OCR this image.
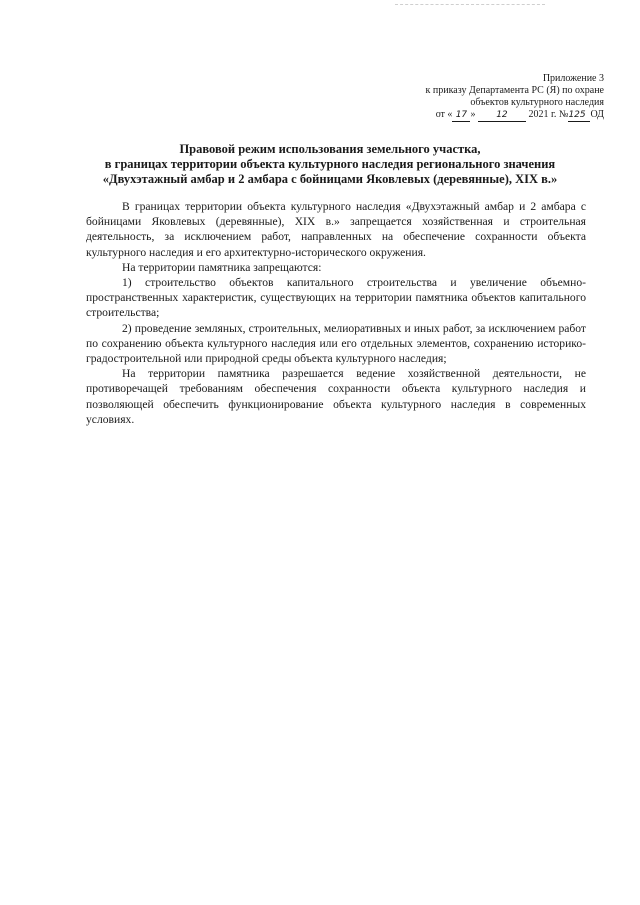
Приложение 3
к приказу Департамента РС (Я) по охране
объектов культурного наследия
от « 17 » 12 2021 г. №125 ОД
Правовой режим использования земельного участка,
в границах территории объекта культурного наследия регионального значения
«Двухэтажный амбар и 2 амбара с бойницами Яковлевых (деревянные), XIX в.»

В границах территории объекта культурного наследия «Двухэтажный амбар и 2 амбара с бойницами Яковлевых (деревянные), XIX в.» запрещается хозяйственная и строительная деятельность, за исключением работ, направленных на обеспечение сохранности объекта культурного наследия и его архитектурно-исторического окружения.

На территории памятника запрещаются:

1) строительство объектов капитального строительства и увеличение объемно-пространственных характеристик, существующих на территории памятника объектов капитального строительства;

2) проведение земляных, строительных, мелиоративных и иных работ, за исключением работ по сохранению объекта культурного наследия или его отдельных элементов, сохранению историко-градостроительной или природной среды объекта культурного наследия;

На территории памятника разрешается ведение хозяйственной деятельности, не противоречащей требованиям обеспечения сохранности объекта культурного наследия и позволяющей обеспечить функционирование объекта культурного наследия в современных условиях.
